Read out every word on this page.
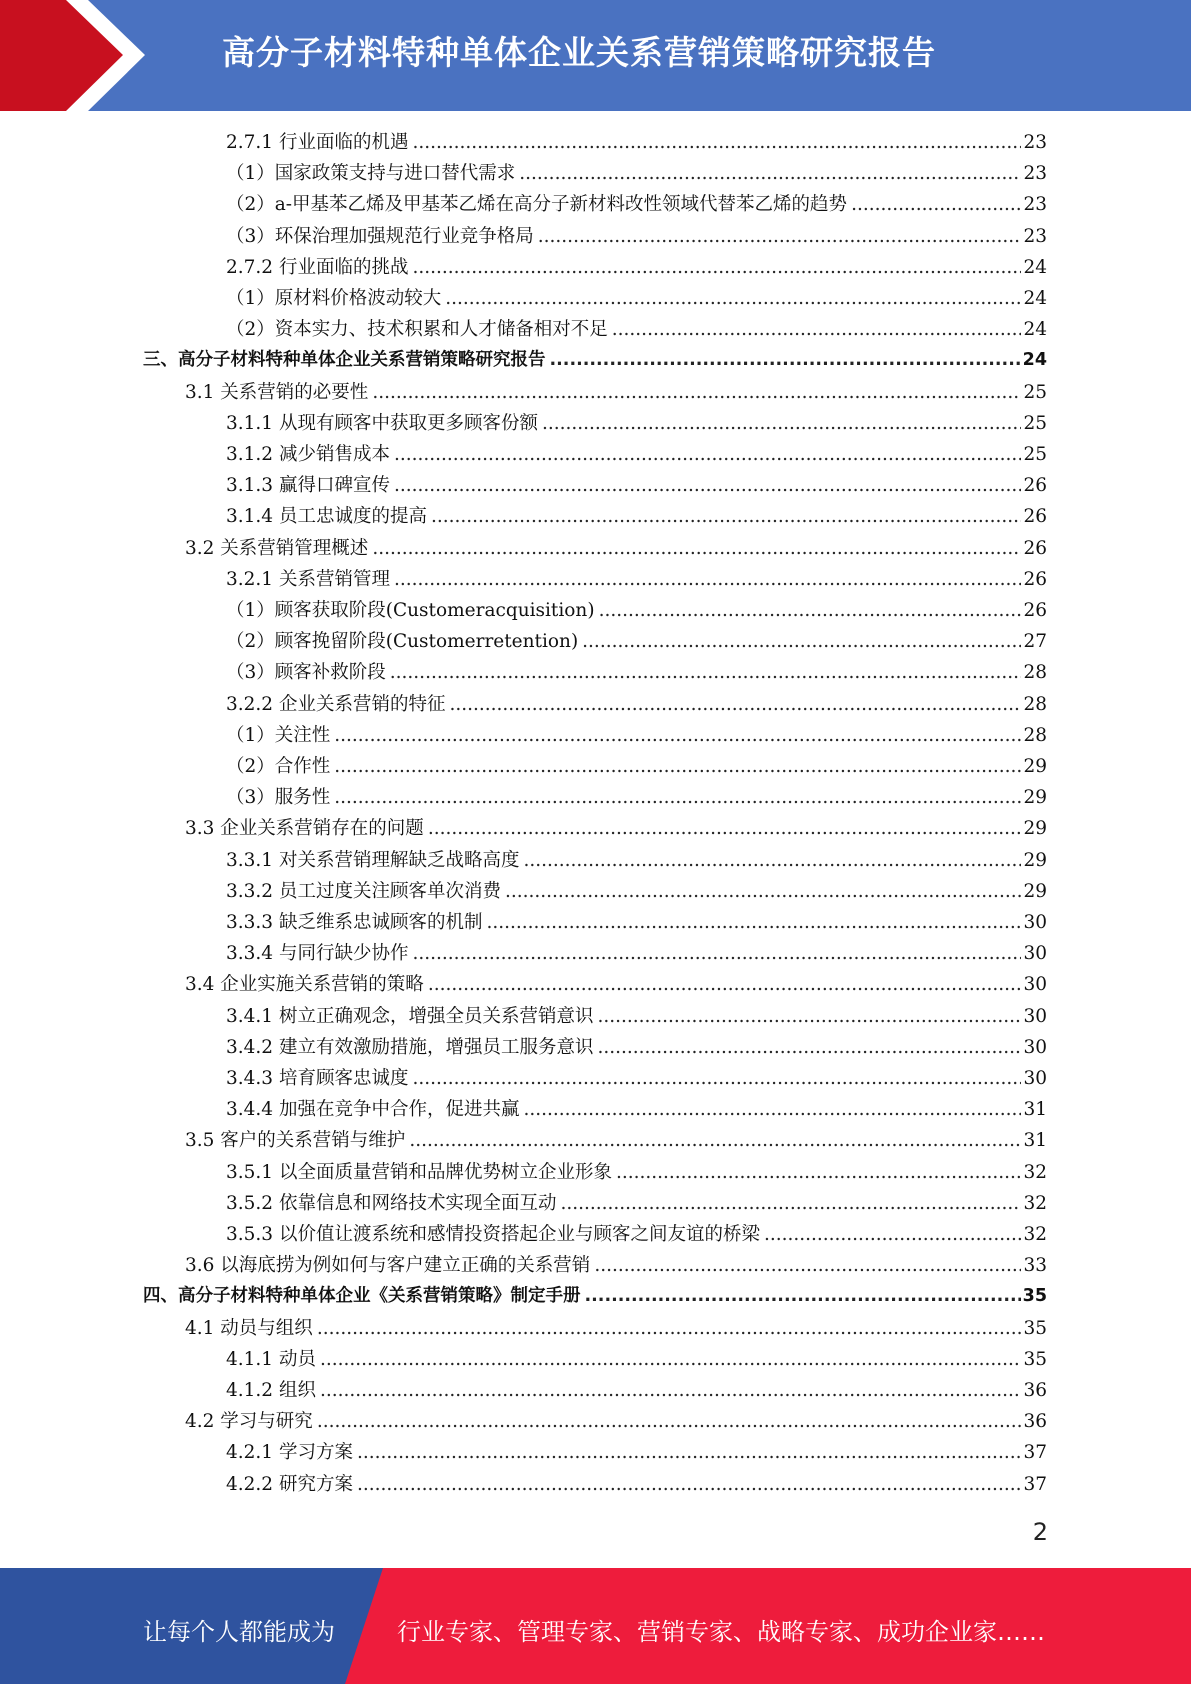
高分子材料特种单体企业关系营销策略研究报告
2.7.1 行业面临的机遇 .....	23
（1）国家政策支持与进口替代需求 .....	23
（2）a-甲基苯乙烯及甲基苯乙烯在高分子新材料改性领域代替苯乙烯的趋势 .....	23
（3）环保治理加强规范行业竞争格局 .....	23
2.7.2 行业面临的挑战 .....	24
（1）原材料价格波动较大 .....	24
（2）资本实力、技术积累和人才储备相对不足 .....	24
三、高分子材料特种单体企业关系营销策略研究报告 .....	24
3.1 关系营销的必要性 .....	25
3.1.1 从现有顾客中获取更多顾客份额 .....	25
3.1.2 减少销售成本 .....	25
3.1.3 赢得口碑宣传 .....	26
3.1.4 员工忠诚度的提高 .....	26
3.2 关系营销管理概述 .....	26
3.2.1 关系营销管理 .....	26
（1）顾客获取阶段(Customeracquisition) .....	26
（2）顾客挽留阶段(Customerretention) .....	27
（3）顾客补救阶段 .....	28
3.2.2 企业关系营销的特征 .....	28
（1）关注性 .....	28
（2）合作性 .....	29
（3）服务性 .....	29
3.3 企业关系营销存在的问题 .....	29
3.3.1 对关系营销理解缺乏战略高度 .....	29
3.3.2 员工过度关注顾客单次消费 .....	29
3.3.3 缺乏维系忠诚顾客的机制 .....	30
3.3.4 与同行缺少协作 .....	30
3.4 企业实施关系营销的策略 .....	30
3.4.1 树立正确观念，增强全员关系营销意识 .....	30
3.4.2 建立有效激励措施，增强员工服务意识 .....	30
3.4.3 培育顾客忠诚度 .....	30
3.4.4 加强在竞争中合作，促进共赢 .....	31
3.5 客户的关系营销与维护 .....	31
3.5.1 以全面质量营销和品牌优势树立企业形象 .....	32
3.5.2 依靠信息和网络技术实现全面互动 .....	32
3.5.3 以价值让渡系统和感情投资搭起企业与顾客之间友谊的桥梁 .....	32
3.6 以海底捞为例如何与客户建立正确的关系营销 .....	33
四、高分子材料特种单体企业《关系营销策略》制定手册 .....	35
4.1 动员与组织 .....	35
4.1.1 动员 .....	35
4.1.2 组织 .....	36
4.2 学习与研究 .....	36
4.2.1 学习方案 .....	37
4.2.2 研究方案 .....	37
2
让每个人都能成为	行业专家、管理专家、营销专家、战略专家、成功企业家……
